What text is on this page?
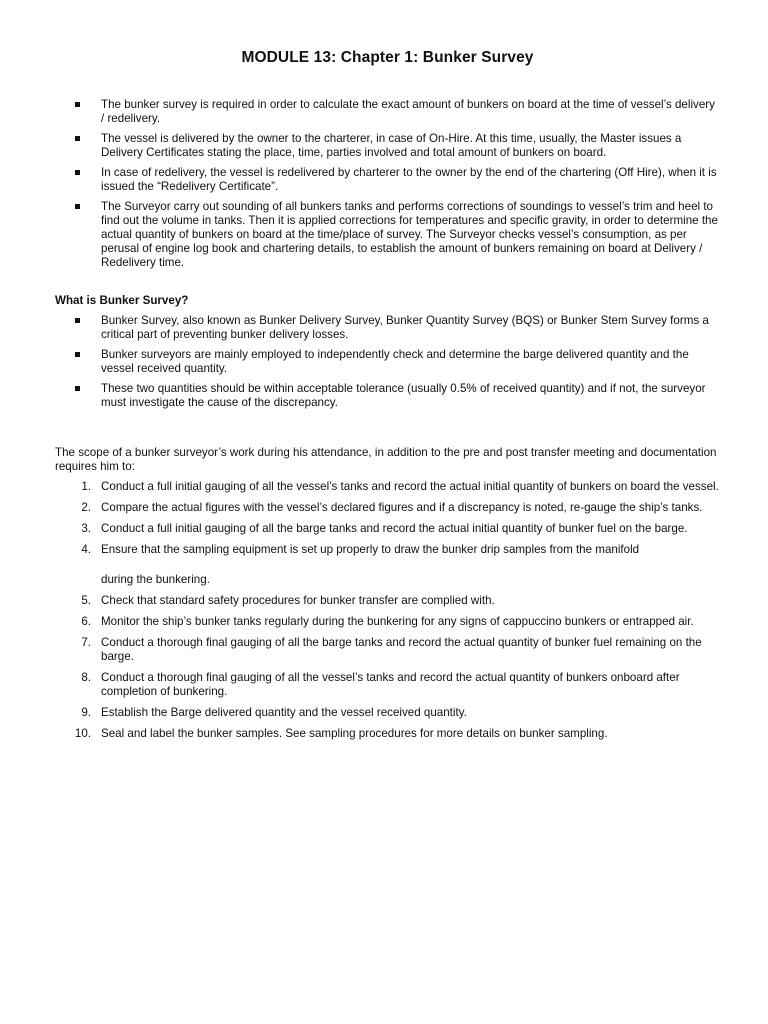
MODULE 13: Chapter 1: Bunker Survey
The bunker survey is required in order to calculate the exact amount of bunkers on board at the time of vessel’s delivery / redelivery.
The vessel is delivered by the owner to the charterer, in case of On-Hire. At this time, usually, the Master issues a Delivery Certificates stating the place, time, parties involved and total amount of bunkers on board.
In case of redelivery, the vessel is redelivered by charterer to the owner by the end of the chartering (Off Hire), when it is issued the “Redelivery Certificate”.
The Surveyor carry out sounding of all bunkers tanks and performs corrections of soundings to vessel’s trim and heel to find out the volume in tanks. Then it is applied corrections for temperatures and specific gravity, in order to determine the actual quantity of bunkers on board at the time/place of survey. The Surveyor checks vessel’s consumption, as per perusal of engine log book and chartering details, to establish the amount of bunkers remaining on board at Delivery / Redelivery time.
What is Bunker Survey?
Bunker Survey, also known as Bunker Delivery Survey, Bunker Quantity Survey (BQS) or Bunker Stem Survey forms a critical part of preventing bunker delivery losses.
Bunker surveyors are mainly employed to independently check and determine the barge delivered quantity and the vessel received quantity.
These two quantities should be within acceptable tolerance (usually 0.5% of received quantity) and if not, the surveyor must investigate the cause of the discrepancy.
The scope of a bunker surveyor’s work during his attendance, in addition to the pre and post transfer meeting and documentation requires him to:
1. Conduct a full initial gauging of all the vessel’s tanks and record the actual initial quantity of bunkers on board the vessel.
2. Compare the actual figures with the vessel’s declared figures and if a discrepancy is noted, re-gauge the ship’s tanks.
3. Conduct a full initial gauging of all the barge tanks and record the actual initial quantity of bunker fuel on the barge.
4. Ensure that the sampling equipment is set up properly to draw the bunker drip samples from the manifold
during the bunkering.
5. Check that standard safety procedures for bunker transfer are complied with.
6. Monitor the ship’s bunker tanks regularly during the bunkering for any signs of cappuccino bunkers or entrapped air.
7. Conduct a thorough final gauging of all the barge tanks and record the actual quantity of bunker fuel remaining on the barge.
8. Conduct a thorough final gauging of all the vessel’s tanks and record the actual quantity of bunkers onboard after completion of bunkering.
9. Establish the Barge delivered quantity and the vessel received quantity.
10. Seal and label the bunker samples. See sampling procedures for more details on bunker sampling.
